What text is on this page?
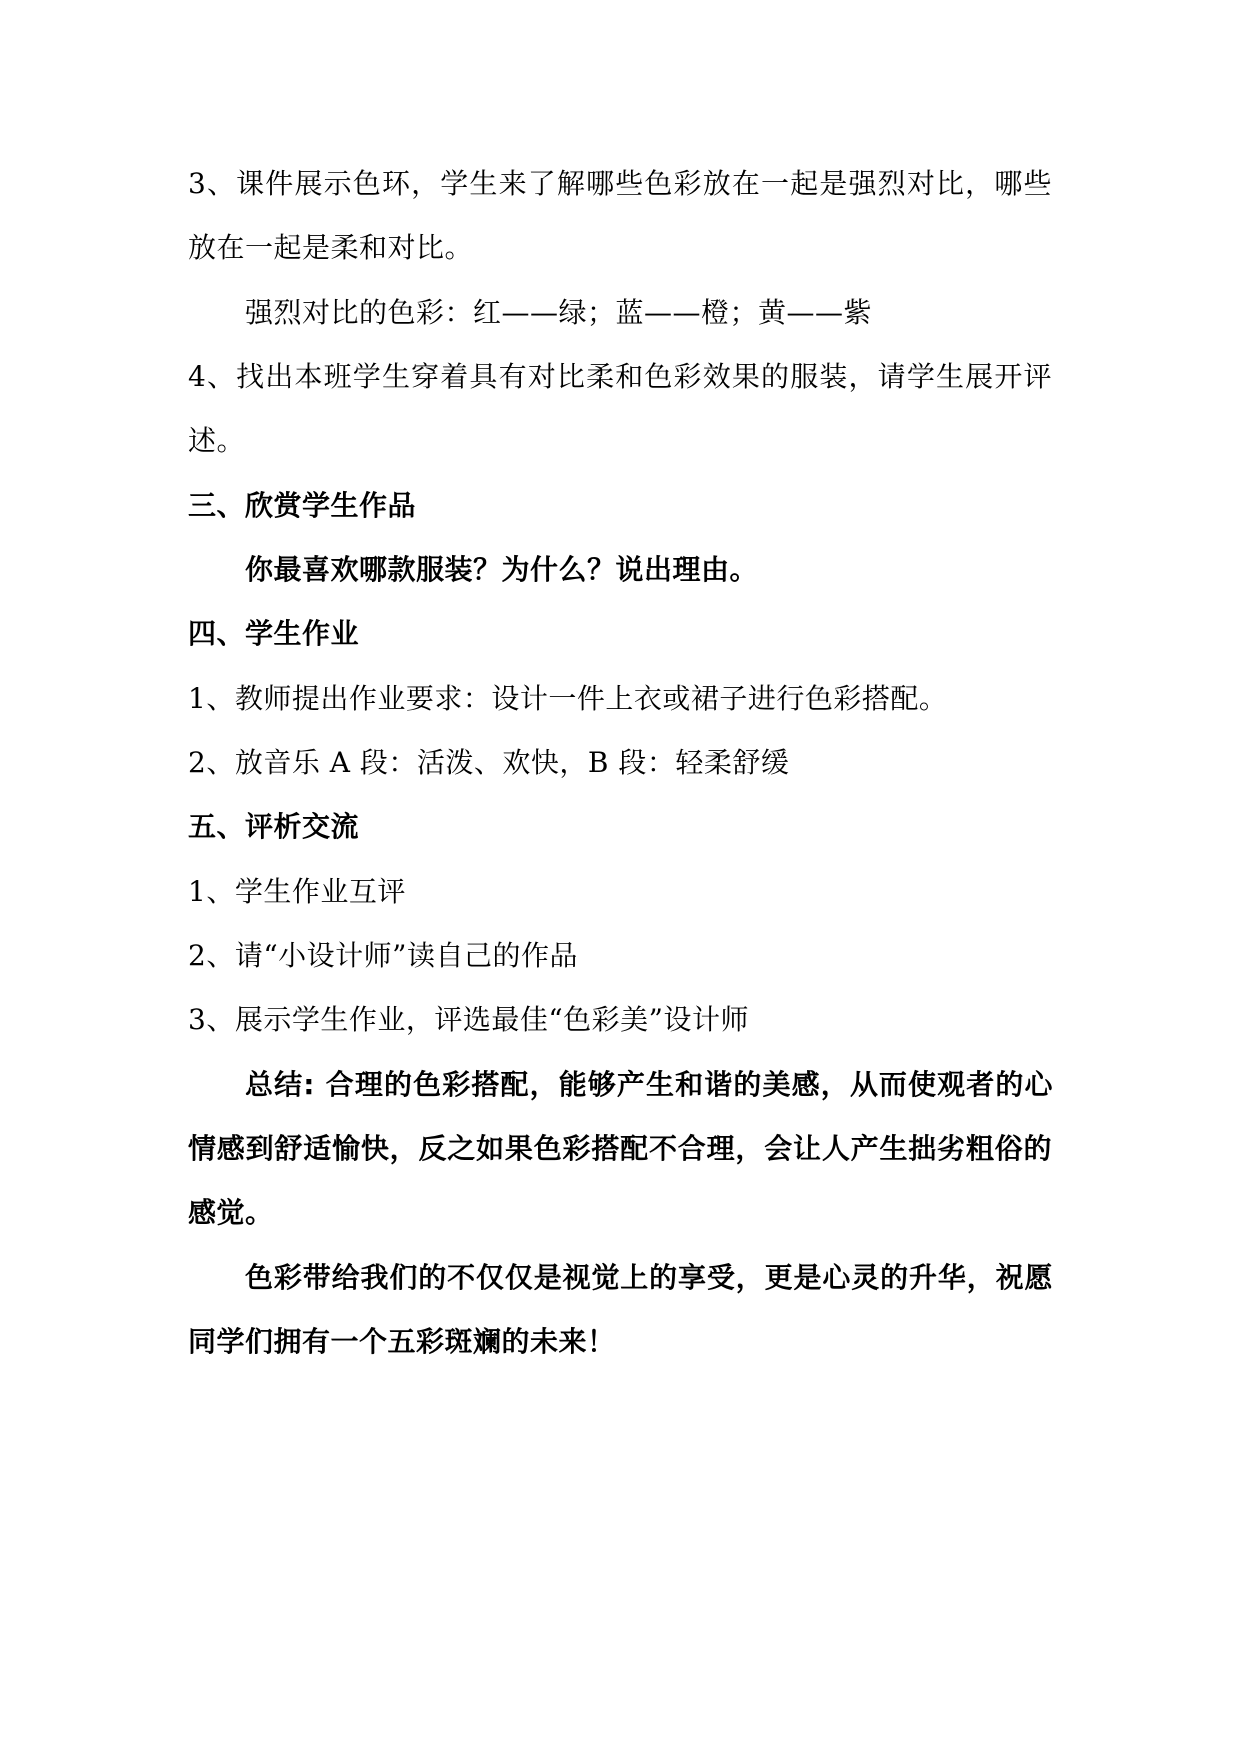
3、课件展示色环，学生来了解哪些色彩放在一起是强烈对比，哪些
放在一起是柔和对比。
强烈对比的色彩：红——绿；蓝——橙；黄——紫
4、找出本班学生穿着具有对比柔和色彩效果的服装，请学生展开评
述。
三、欣赏学生作品
你最喜欢哪款服装？为什么？说出理由。
四、学生作业
1、教师提出作业要求：设计一件上衣或裙子进行色彩搭配。
2、放音乐 A 段：活泼、欢快，B 段：轻柔舒缓
五、评析交流
1、学生作业互评
2、请“小设计师”读自己的作品
3、展示学生作业，评选最佳“色彩美”设计师
总结: 合理的色彩搭配，能够产生和谐的美感，从而使观者的心
情感到舒适愉快，反之如果色彩搭配不合理，会让人产生拙劣粗俗的
感觉。
色彩带给我们的不仅仅是视觉上的享受，更是心灵的升华，祝愿
同学们拥有一个五彩斑斓的未来！
